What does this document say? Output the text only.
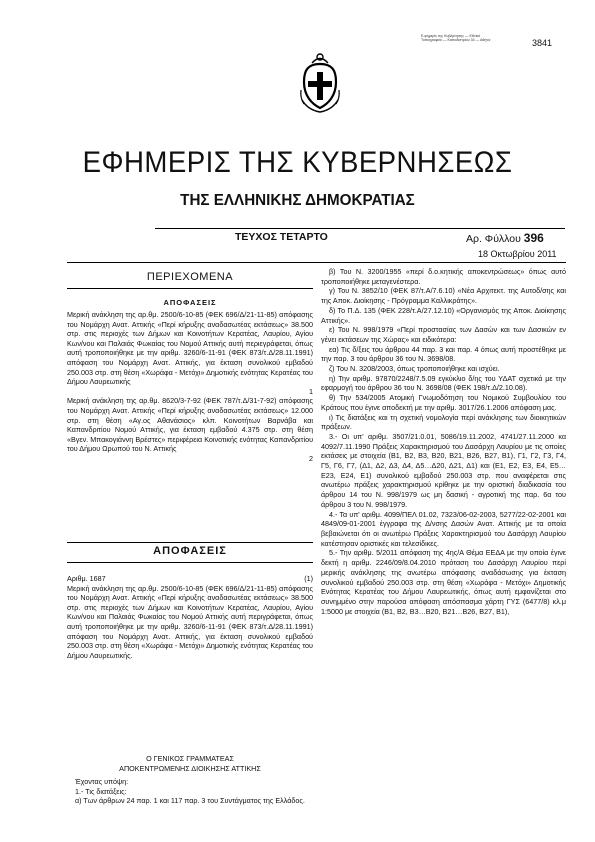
Ε.φημερίς της Κυβέρνησης — Εθνικό Τυπογραφείο — Καποδιστρίου 34 — Αθήνα	3841
ΕΦΗΜΕΡΙΣ ΤΗΣ ΚΥΒΕΡΝΗΣΕΩΣ
ΤΗΣ ΕΛΛΗΝΙΚΗΣ ΔΗΜΟΚΡΑΤΙΑΣ
ΤΕΥΧΟΣ ΤΕΤΑΡΤΟ	Αρ. Φύλλου 396
18 Οκτωβρίου 2011
ΠΕΡΙΕΧΟΜΕΝΑ
ΑΠΟΦΑΣΕΙΣ

Μερική ανάκληση της αρ.θμ. 2500/6-10-85 (ΦΕΚ 696/Δ/21-11-85) απόφασης του Νομάρχη Ανατ. Αττικής «Περί κήρυξης αναδασωτέας εκτάσεως» 38.500 στρ. στις περιοχές των Δήμων και Κοινοτήτων Κερατέας, Λαυρίου, Αγίου Κων/νου και Παλαιάς Φωκαίας του Νομού Αττικής αυτή περιεγράφεται, όπως αυτή τροποποιήθηκε με την αριθμ. 3260/6-11-91 (ΦΕΚ 873/τ.Δ/28.11.1991) απόφαση του Νομάρχη Ανατ. Αττικής, για έκταση συνολικού εμβαδού 250.003 στρ. στη θέση «Χωράφα - Μετόχι» Δημοτικής ενότητας Κερατέας του Δήμου Λαυρεωτικής

1

Μερική ανάκληση της αρ.θμ. 8620/3-7-92 (ΦΕΚ 787/τ.Δ/31-7-92) απόφασης του Νομάρχη Ανατ. Αττικής «Περί κήρυξης αναδασωτέας εκτάσεως» 12.000 στρ. στη θέση «Αγ.ος Αθανάσιος» κλπ. Κοινοτήτων Βαρνάβα και Καπανδριτίου Νομού Αττικής, για έκταση εμβαδού 4.375 στρ. στη θέση «Βγεν. Μπακογιάννη Βρέστες» περιφέρεια Κοινοτικής ενότητας Καπανδριτίου του Δήμου Ωρωπού του Ν. Αττικής

2
ΑΠΟΦΑΣΕΙΣ
Αριθμ. 1687	(1)

Μερική ανάκληση της αρ.θμ. 2500/6-10-85 (ΦΕΚ 696/Δ/21-11-85) απόφασης του Νομάρχη Ανατ. Αττικής «Περί κήρυξης αναδασωτέας εκτάσεως» 38.500 στρ. στις περιοχές των Δήμων και Κοινοτήτων Κερατέας, Λαυρίου, Αγίου Κων/νου και Παλαιάς Φωκαίας του Νομού Αττικής αυτή περιγράφεται, όπως αυτή τροποποιήθηκε με την αριθμ. 3260/6-11-91 (ΦΕΚ 873/τ.Δ/28.11.1991) απόφαση του Νομάρχη Ανατ. Αττικής, για έκταση συνολικού εμβαδού 250.003 στρ. στη θέση «Χωράφα - Μετόχι» Δημοτικής ενότητας Κερατέας του Δήμου Λαυρεωτικής.

Ο ΓΕΝΙΚΟΣ ΓΡΑΜΜΑΤΕΑΣ
ΑΠΟΚΕΝΤΡΩΜΕΝΗΣ ΔΙΟΙΚΗΣΗΣ ΑΤΤΙΚΗΣ

Έχοντας υπόψη:

1.- Τις διατάξεις:

α) Των άρθρων 24 παρ. 1 και 117 παρ. 3 του Συντάγματος της Ελλάδος.

β) Του Ν. 3200/1955 «περί δ.ο.κητικής αποκεντρώσεως» όπως αυτό τροποποιήθηκε μεταγενέστερα.

γ) Του Ν. 3852/10 (ΦΕΚ 87/τ.Α/7.6.10) «Νέα Αρχιτεκτ. της Αυτοδ/σης και της Αποκ. Διοίκησης - Πρόγραμμα Καλλικράτης».

δ) Το Π.Δ. 135 (ΦΕΚ 228/τ.Α/27.12.10) «Οργανισμός της Αποκ. Διοίκησης Αττικής».

ε) Του Ν. 998/1979 «Περί προστασίας των Δασών και των Δασικών εν γένει εκτάσεων της Χώρας» και ειδικότερα:

εα) Τις δ/ξεις του άρθρου 44 παρ. 3 και παρ. 4 όπως αυτή προστέθηκε με την παρ. 3 του άρθρου 36 του Ν. 3698/08.

ζ) Του Ν. 3208/2003, όπως τροποποιήθηκε και ισχύει.

η) Την αριθμ. 97870/2248/7.5.09 εγκύκλιο δ/ης του ΥΔΑΤ σχετικά με την εφαρμογή του άρθρου 36 του Ν. 3698/08 (ΦΕΚ 198/τ.Δ/2.10.08).

θ) Την 534/2005 Ατομική Γνωμοδότηση του Νομικού Συμβουλίου του Κράτους που έγινε αποδεκτή με την αριθμ. 3017/26.1.2006 απόφαση μας.

ι) Τις διατάξεις και τη σχετική νομολογία περί ανάκλησης των διοικητικών πράξεων.

3.- Οι υπ' αριθμ. 3507/21.0.01, 5086/19.11.2002, 4741/27.11.2000 κα 4092/7.11.1990 Πράξεις Χαρακτηρισμού του Δασάρχη Λαυρίου με τις οποίες εκτάσεις με στοιχεία (Β1, Β2, Β3, Β20, Β21, Β26, Β27, Β1), Γ1, Γ2, Γ3, Γ4, Γ5, Γ6, Γ7, (Δ1, Δ2, Δ3, Δ4, Δ5…Δ20, Δ21, Δ1) και (Ε1, Ε2, Ε3, Ε4, Ε5…Ε23, Ε24, Ε1) συνολικού εμβαδού 250.003 στρ. που αναφέρεται στις ανωτέρω πράξεις χαρακτηρισμού κρίθηκε με την οριστική διαδικασία του άρθρου 14 του Ν. 998/1979 ως μη δασική - αγροτική της παρ. 6α του άρθρου 3 του Ν. 998/1979.

4.- Τα υπ' αριθμ. 4099/ΠΕΛ 01.02, 7323/06-02-2003, 5277/22-02-2001 και 4849/09-01-2001 έγγραφα της Δ/νσης Δασών Ανατ. Αττικής με τα οποία βεβαιώνεται ότι οι ανωτέρω Πράξεις Χαρακτηρισμού του Δασάρχη Λαυρίου κατέστησαν οριστικές και τελεσίδικες.

5.- Την αριθμ. 5/2011 απόφαση της 4ης/Α Θέμα ΕΕΔΑ με την οποία έγινε δεκτή η αριθμ. 2246/09/8.04.2010 πρόταση του Δασάρχη Λαυρίου περί μερικής ανάκλησης της ανωτέρω απόφασης αναδάσωσης για έκταση συνολικού εμβαδού 250.003 στρ. στη θέση «Χωράφα - Μετόχι» Δημοτικής Ενότητας Κερατέας του Δήμου Λαυρεωτικής, όπως αυτή εμφανίζεται στο συνημμένο στην παρούσα απόφαση απόσπασμα χάρτη ΓΥΣ (6477/8) κλ.μ 1:5000 με στοιχεία (Β1, Β2, Β3…Β20, Β21…Β26, Β27, Β1),
